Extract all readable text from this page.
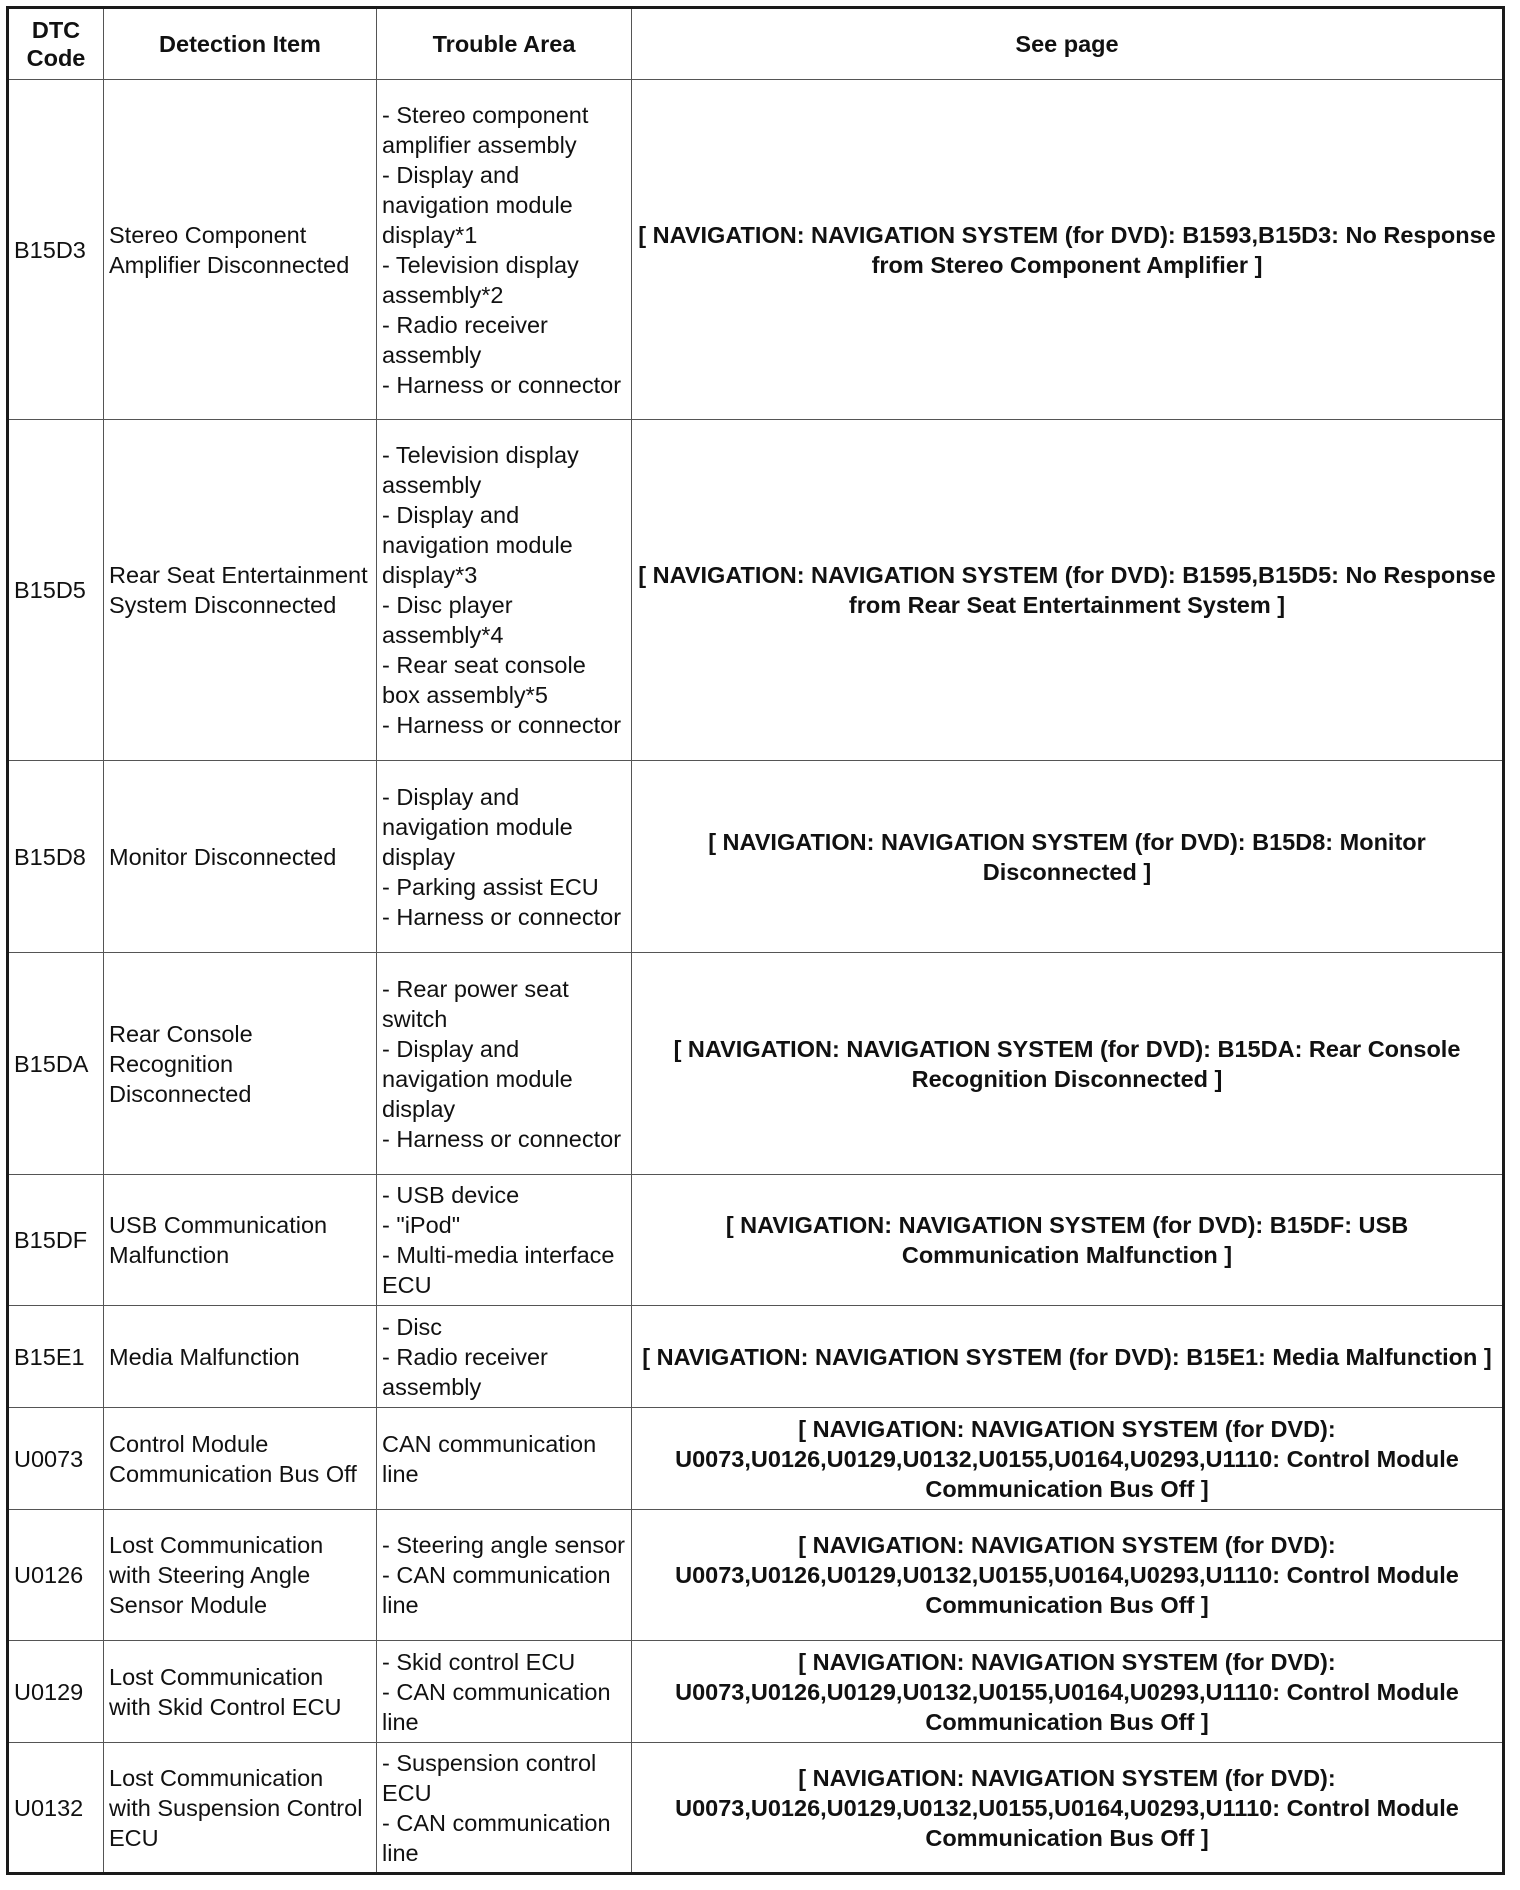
DTC Code	Detection Item	Trouble Area	See page
B15D3	Stereo Component Amplifier Disconnected	- Stereo component amplifier assembly
- Display and navigation module display*1
- Television display assembly*2
- Radio receiver assembly
- Harness or connector	[ NAVIGATION: NAVIGATION SYSTEM (for DVD): B1593,B15D3: No Response from Stereo Component Amplifier ]
B15D5	Rear Seat Entertainment System Disconnected	- Television display assembly
- Display and navigation module display*3
- Disc player assembly*4
- Rear seat console box assembly*5
- Harness or connector	[ NAVIGATION: NAVIGATION SYSTEM (for DVD): B1595,B15D5: No Response from Rear Seat Entertainment System ]
B15D8	Monitor Disconnected	- Display and navigation module display
- Parking assist ECU
- Harness or connector	[ NAVIGATION: NAVIGATION SYSTEM (for DVD): B15D8: Monitor Disconnected ]
B15DA	Rear Console Recognition Disconnected	- Rear power seat switch
- Display and navigation module display
- Harness or connector	[ NAVIGATION: NAVIGATION SYSTEM (for DVD): B15DA: Rear Console Recognition Disconnected ]
B15DF	USB Communication Malfunction	- USB device
- "iPod"
- Multi-media interface ECU	[ NAVIGATION: NAVIGATION SYSTEM (for DVD): B15DF: USB Communication Malfunction ]
B15E1	Media Malfunction	- Disc
- Radio receiver assembly	[ NAVIGATION: NAVIGATION SYSTEM (for DVD): B15E1: Media Malfunction ]
U0073	Control Module Communication Bus Off	CAN communication line	[ NAVIGATION: NAVIGATION SYSTEM (for DVD): U0073,U0126,U0129,U0132,U0155,U0164,U0293,U1110: Control Module Communication Bus Off ]
U0126	Lost Communication with Steering Angle Sensor Module	- Steering angle sensor
- CAN communication line	[ NAVIGATION: NAVIGATION SYSTEM (for DVD): U0073,U0126,U0129,U0132,U0155,U0164,U0293,U1110: Control Module Communication Bus Off ]
U0129	Lost Communication with Skid Control ECU	- Skid control ECU
- CAN communication line	[ NAVIGATION: NAVIGATION SYSTEM (for DVD): U0073,U0126,U0129,U0132,U0155,U0164,U0293,U1110: Control Module Communication Bus Off ]
U0132	Lost Communication with Suspension Control ECU	- Suspension control ECU
- CAN communication line	[ NAVIGATION: NAVIGATION SYSTEM (for DVD): U0073,U0126,U0129,U0132,U0155,U0164,U0293,U1110: Control Module Communication Bus Off ]
